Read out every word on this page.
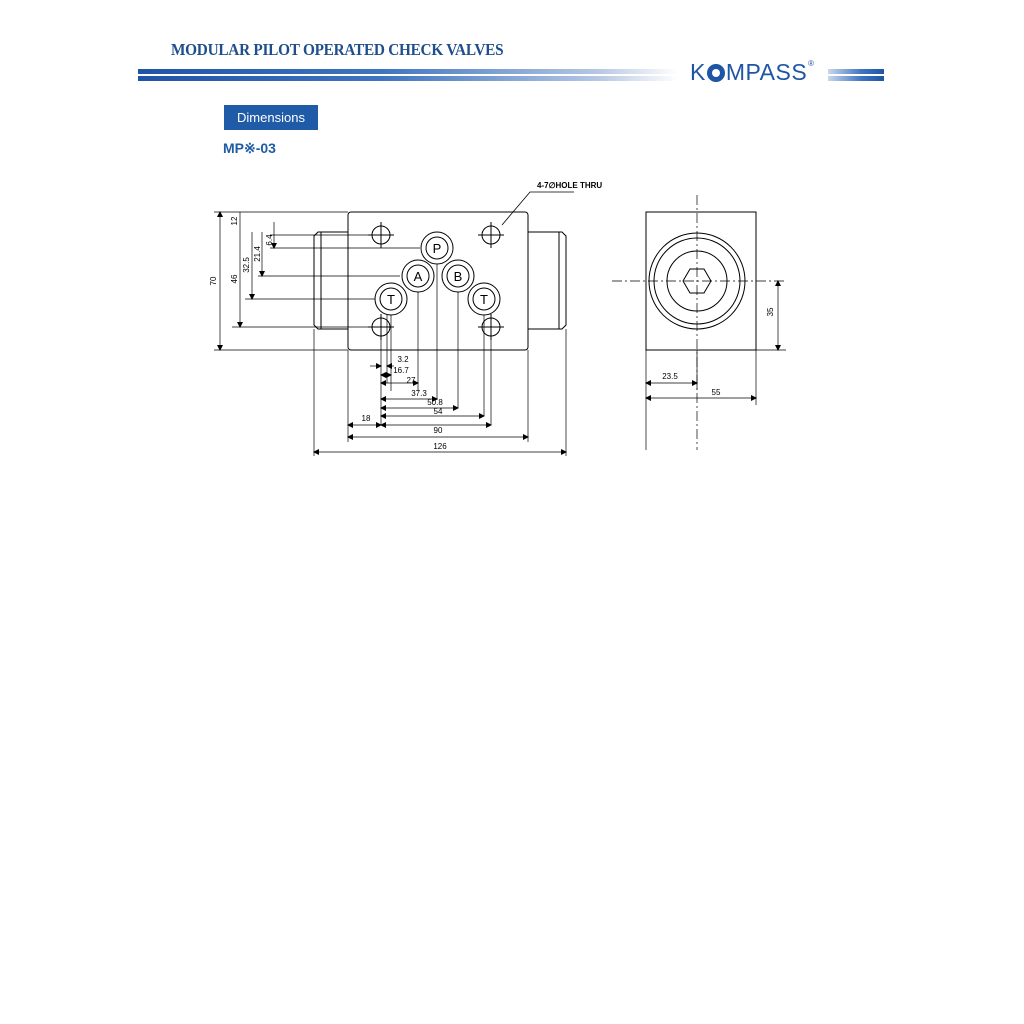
MODULAR PILOT OPERATED CHECK VALVES
K MPASS®
Dimensions
MP※-03
P
A B
T	T
4-7∅HOLE THRU
70
12
46
32.5
21.4
6.4
3.2
16.7
27
37.3
50.8
54
18
90
126
35
23.5
55
